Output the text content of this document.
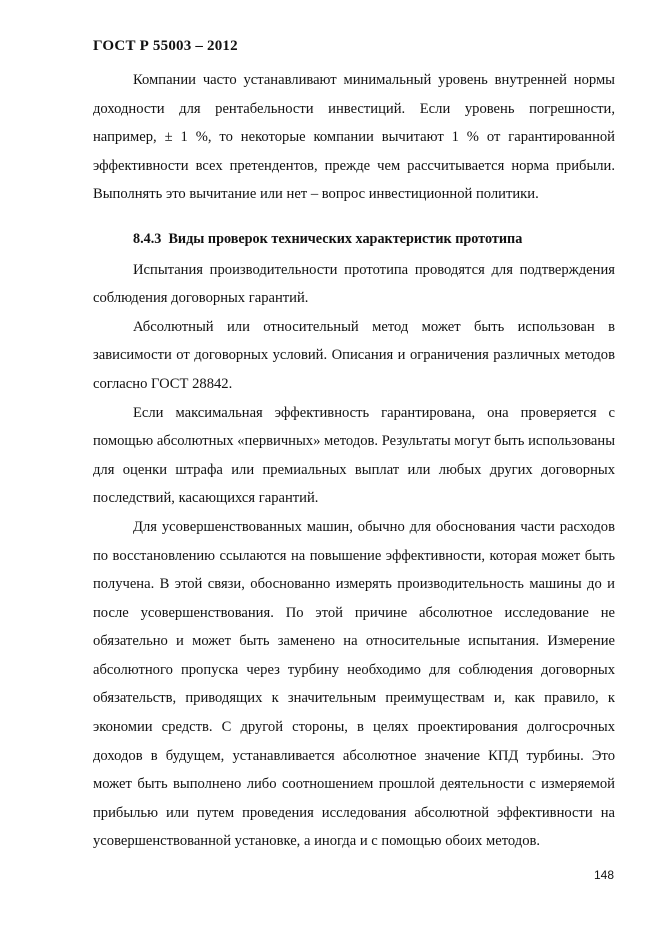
ГОСТ Р 55003 – 2012

Компании часто устанавливают минимальный уровень внутренней нормы доходности для рентабельности инвестиций. Если уровень погрешности, например, ± 1 %, то некоторые компании вычитают 1 % от гарантированной эффективности всех претендентов, прежде чем рассчитывается норма прибыли. Выполнять это вычитание или нет – вопрос инвестиционной политики.

8.4.3 Виды проверок технических характеристик прототипа

Испытания производительности прототипа проводятся для подтверждения соблюдения договорных гарантий.

Абсолютный или относительный метод может быть использован в зависимости от договорных условий. Описания и ограничения различных методов согласно ГОСТ 28842.

Если максимальная эффективность гарантирована, она проверяется с помощью абсолютных «первичных» методов. Результаты могут быть использованы для оценки штрафа или премиальных выплат или любых других договорных последствий, касающихся гарантий.

Для усовершенствованных машин, обычно для обоснования части расходов по восстановлению ссылаются на повышение эффективности, которая может быть получена. В этой связи, обоснованно измерять производительность машины до и после усовершенствования. По этой причине абсолютное исследование не обязательно и может быть заменено на относительные испытания. Измерение абсолютного пропуска через турбину необходимо для соблюдения договорных обязательств, приводящих к значительным преимуществам и, как правило, к экономии средств. С другой стороны, в целях проектирования долгосрочных доходов в будущем, устанавливается абсолютное значение КПД турбины. Это может быть выполнено либо соотношением прошлой деятельности с измеряемой прибылью или путем проведения исследования абсолютной эффективности на усовершенствованной установке, а иногда и с помощью обоих методов.

148
